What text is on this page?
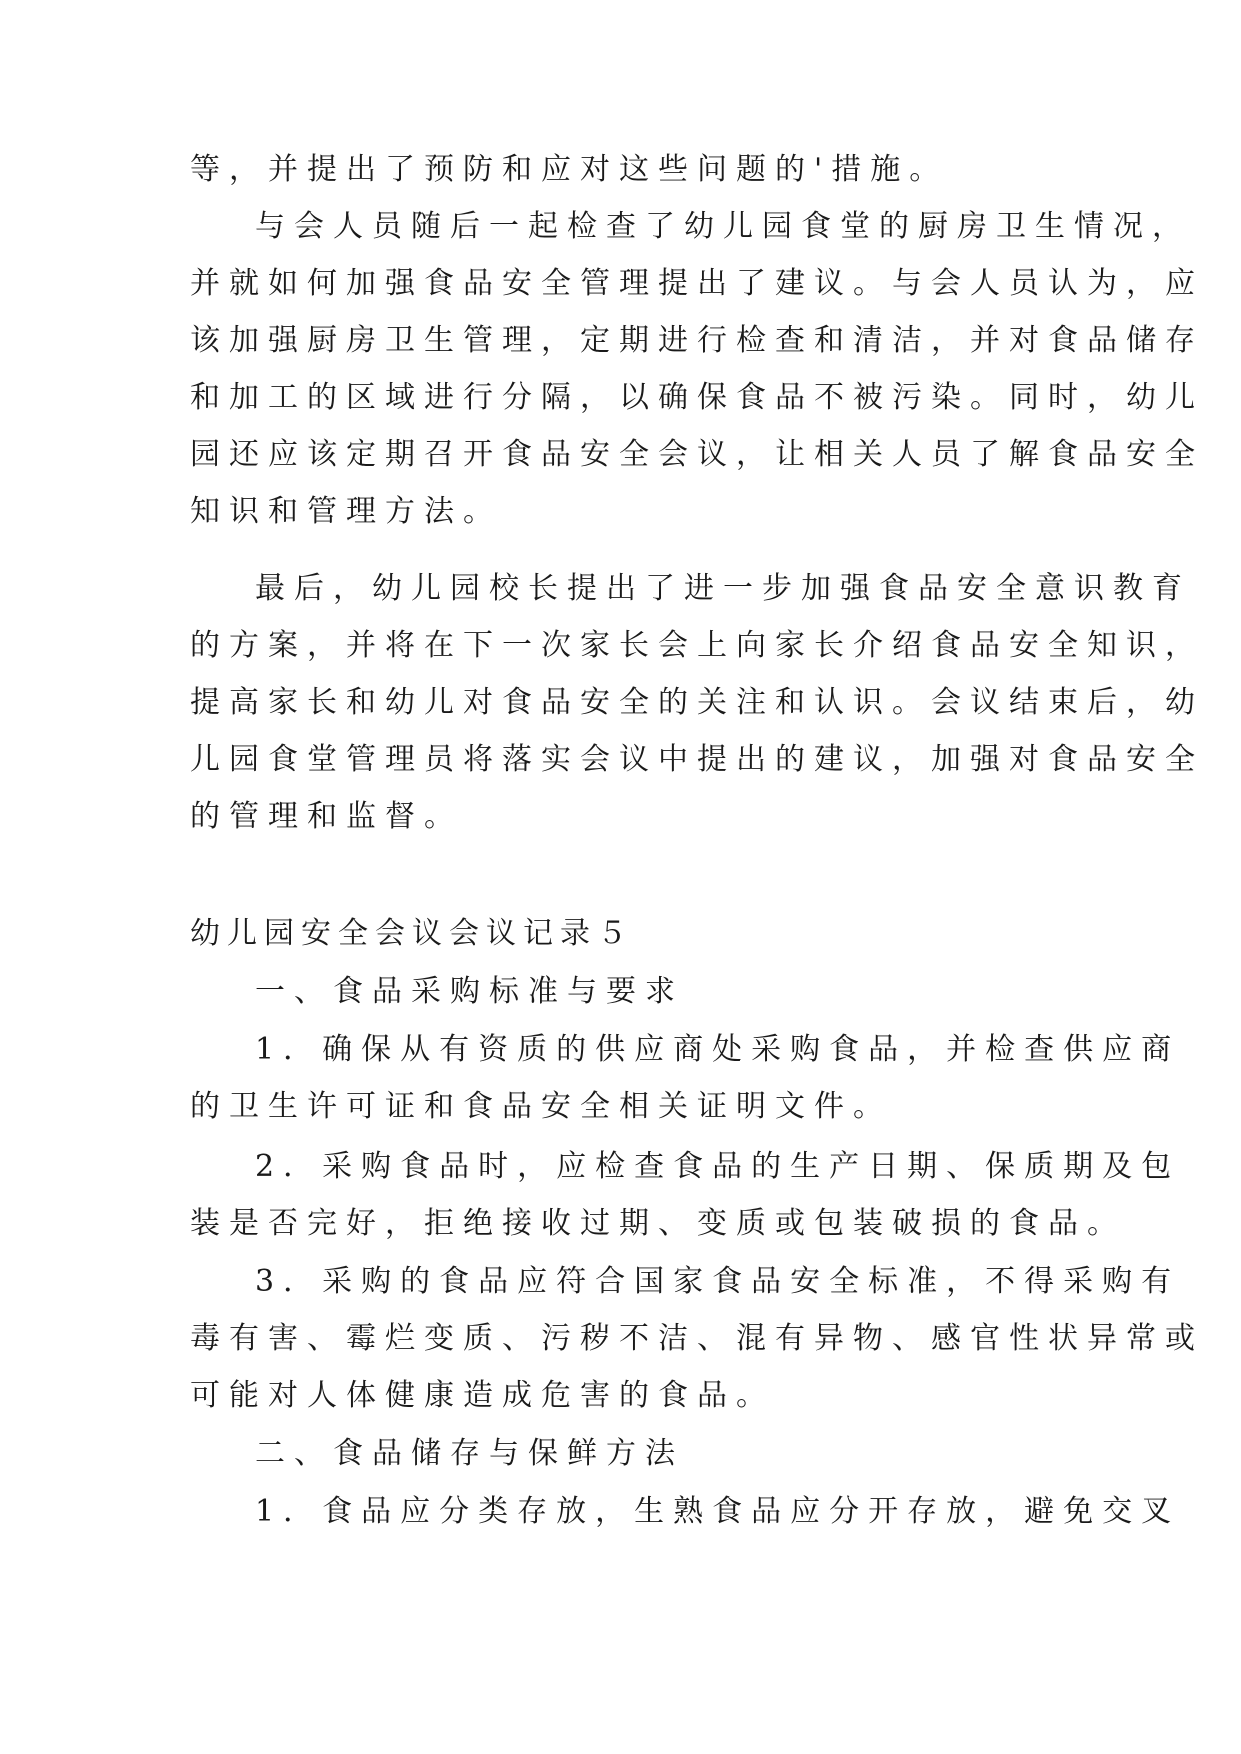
等，并提出了预防和应对这些问题的'措施。
与会人员随后一起检查了幼儿园食堂的厨房卫生情况，
并就如何加强食品安全管理提出了建议。与会人员认为，应
该加强厨房卫生管理，定期进行检查和清洁，并对食品储存
和加工的区域进行分隔，以确保食品不被污染。同时，幼儿
园还应该定期召开食品安全会议，让相关人员了解食品安全
知识和管理方法。
最后，幼儿园校长提出了进一步加强食品安全意识教育
的方案，并将在下一次家长会上向家长介绍食品安全知识，
提高家长和幼儿对食品安全的关注和认识。会议结束后，幼
儿园食堂管理员将落实会议中提出的建议，加强对食品安全
的管理和监督。
幼儿园安全会议会议记录５
一、食品采购标准与要求
1．确保从有资质的供应商处采购食品，并检查供应商
的卫生许可证和食品安全相关证明文件。
2．采购食品时，应检查食品的生产日期、保质期及包
装是否完好，拒绝接收过期、变质或包装破损的食品。
3．采购的食品应符合国家食品安全标准，不得采购有
毒有害、霉烂变质、污秽不洁、混有异物、感官性状异常或
可能对人体健康造成危害的食品。
二、食品储存与保鲜方法
1．食品应分类存放，生熟食品应分开存放，避免交叉
